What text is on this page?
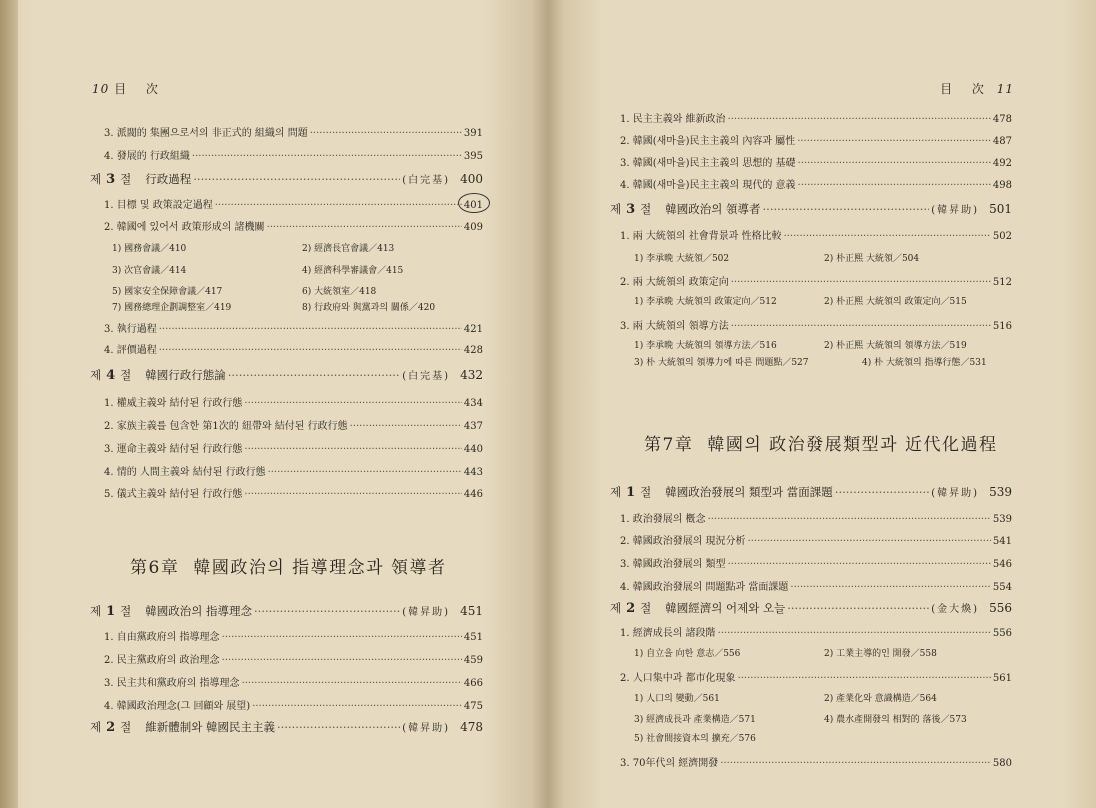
10 目 次
3. 派閥的 集團으로서의 非正式的 組織의 問題 ·····	391
4. 發展的 行政組織 ·····	395
제 3 절 行政過程 ·····	(白完基) 400
1. 目標 및 政策設定過程 ·····	401
2. 韓國에 있어서 政策形成의 諸機關 ·····	409
1) 國務會議／410	2) 經濟長官會議／413
3) 次官會議／414	4) 經濟科學審議會／415
5) 國家安全保障會議／417	6) 大統領室／418
7) 國務總理企劃調整室／419	8) 行政府와 與黨과의 關係／420
3. 執行過程 ·····	421
4. 評價過程 ·····	428
제 4 절 韓國行政行態論 ·····	(白完基) 432
1. 權威主義와 結付된 行政行態 ·····	434
2. 家族主義를 包含한 第1次的 紐帶와 結付된 行政行態 ·····	437
3. 運命主義와 結付된 行政行態 ·····	440
4. 情的 人間主義와 結付된 行政行態 ·····	443
5. 儀式主義와 結付된 行政行態 ·····	446
第6章 韓國政治의 指導理念과 領導者
제 1 절 韓國政治의 指導理念 ·····	(韓昇助) 451
1. 自由黨政府의 指導理念 ·····	451
2. 民主黨政府의 政治理念 ·····	459
3. 民主共和黨政府의 指導理念 ·····	466
4. 韓國政治理念(그 回顧와 展望) ·····	475
제 2 절 維新體制와 韓國民主主義 ·····	(韓昇助) 478
目 次 11
1. 民主主義와 維新政治 ·····	478
2. 韓國(새마을)民主主義의 內容과 屬性 ·····	487
3. 韓國(새마을)民主主義의 思想的 基礎 ·····	492
4. 韓國(새마을)民主主義의 現代的 意義 ·····	498
제 3 절 韓國政治의 領導者 ·····	(韓昇助) 501
1. 兩 大統領의 社會背景과 性格比較 ·····	502
1) 李承晩 大統領／502	2) 朴正熙 大統領／504
2. 兩 大統領의 政策定向 ·····	512
1) 李承晩 大統領의 政策定向／512	2) 朴正熙 大統領의 政策定向／515
3. 兩 大統領의 領導方法 ·····	516
1) 李承晩 大統領의 領導方法／516	2) 朴正熙 大統領의 領導方法／519
3) 朴 大統領의 領導力에 따른 問題點／527	4) 朴 大統領의 指導行態／531
第7章 韓國의 政治發展類型과 近代化過程
제 1 절 韓國政治發展의 類型과 當面課題 ·····	(韓昇助) 539
1. 政治發展의 槪念 ·····	539
2. 韓國政治發展의 現況分析 ·····	541
3. 韓國政治發展의 類型 ·····	546
4. 韓國政治發展의 問題點과 當面課題 ·····	554
제 2 절 韓國經濟의 어제와 오늘 ·····	(金大煥) 556
1. 經濟成長의 諸段階 ·····	556
1) 自立을 向한 意志／556	2) 工業主導的인 開發／558
2. 人口集中과 都市化現象 ·····	561
1) 人口의 變動／561	2) 產業化와 意識構造／564
3) 經濟成長과 產業構造／571	4) 農水產開發의 相對的 落後／573
5) 社會間接資本의 擴充／576
3. 70年代의 經濟開發 ·····	580
